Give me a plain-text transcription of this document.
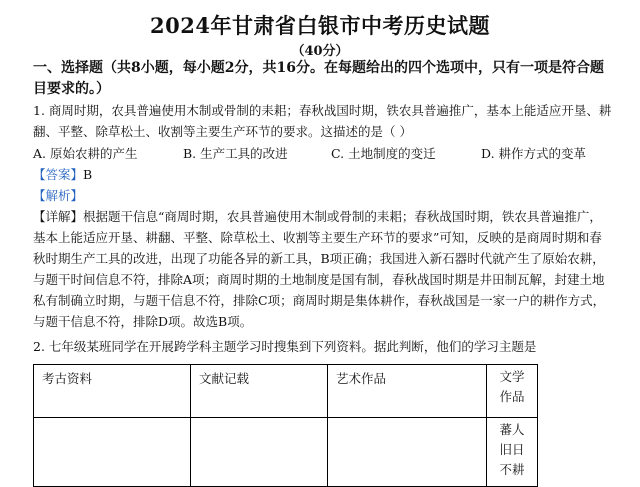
2024年甘肃省白银市中考历史试题
（40分）
一、选择题（共8小题，每小题2分，共16分。在每题给出的四个选项中，只有一项是符合题
目要求的。）
1. 商周时期，农具普遍使用木制或骨制的耒耜；春秋战国时期，铁农具普遍推广，基本上能适应开垦、耕
翻、平整、除草松土、收割等主要生产环节的要求。这描述的是（ ）
A. 原始农耕的产生	B. 生产工具的改进	C. 土地制度的变迁	D. 耕作方式的变革
【答案】B
【解析】
【详解】根据题干信息“商周时期，农具普遍使用木制或骨制的耒耜；春秋战国时期，铁农具普遍推广，
基本上能适应开垦、耕翻、平整、除草松土、收割等主要生产环节的要求”可知，反映的是商周时期和春
秋时期生产工具的改进，出现了功能各异的新工具，B项正确；我国进入新石器时代就产生了原始农耕，
与题干时间信息不符，排除A项；商周时期的土地制度是国有制，春秋战国时期是井田制瓦解，封建土地
私有制确立时期，与题干信息不符，排除C项；商周时期是集体耕作，春秋战国是一家一户的耕作方式，
与题干信息不符，排除D项。故选B项。
2. 七年级某班同学在开展跨学科主题学习时搜集到下列资料。据此判断，他们的学习主题是
考古资料	文献记载	艺术作品	文学
作品

			蕃人
旧日
不耕
